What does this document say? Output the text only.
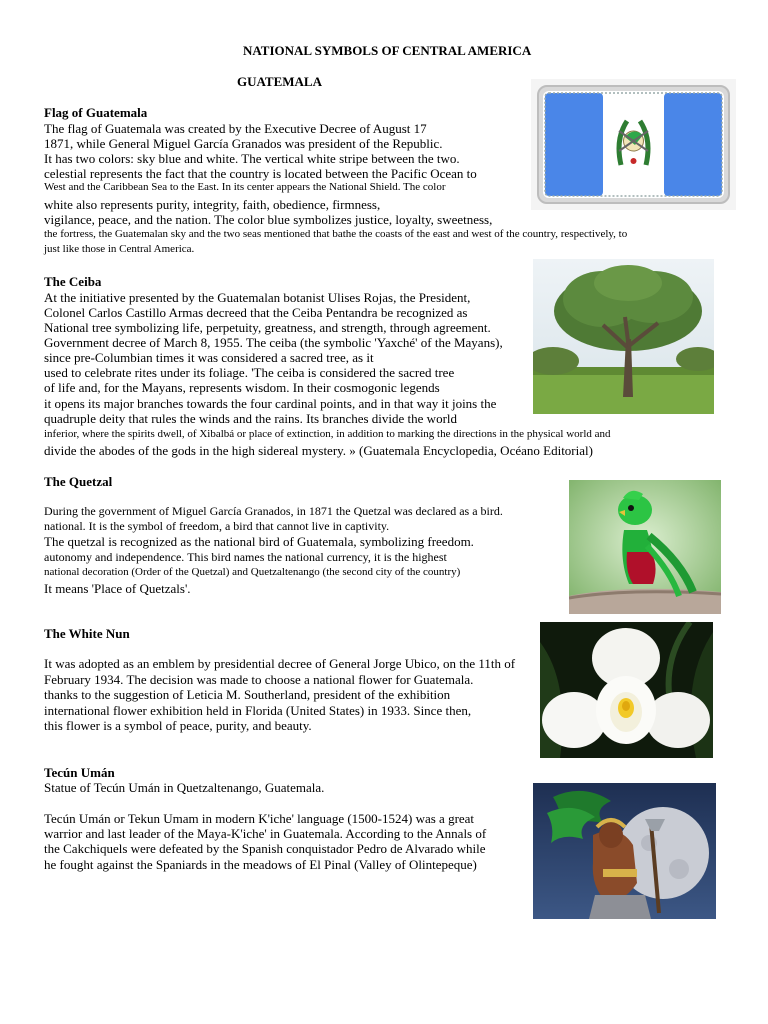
NATIONAL SYMBOLS OF CENTRAL AMERICA
GUATEMALA
Flag of Guatemala
The flag of Guatemala was created by the Executive Decree of August 17
1871, while General Miguel García Granados was president of the Republic.
It has two colors: sky blue and white. The vertical white stripe between the two.
celestial represents the fact that the country is located between the Pacific Ocean to
West and the Caribbean Sea to the East. In its center appears the National Shield. The color
white also represents purity, integrity, faith, obedience, firmness,
vigilance, peace, and the nation. The color blue symbolizes justice, loyalty, sweetness,
the fortress, the Guatemalan sky and the two seas mentioned that bathe the coasts of the east and west of the country, respectively, to
just like those in Central America.
The Ceiba
At the initiative presented by the Guatemalan botanist Ulises Rojas, the President,
Colonel Carlos Castillo Armas decreed that the Ceiba Pentandra be recognized as
National tree symbolizing life, perpetuity, greatness, and strength, through agreement.
Government decree of March 8, 1955. The ceiba (the symbolic 'Yaxché' of the Mayans),
since pre-Columbian times it was considered a sacred tree, as it
used to celebrate rites under its foliage. 'The ceiba is considered the sacred tree
of life and, for the Mayans, represents wisdom. In their cosmogonic legends
it opens its major branches towards the four cardinal points, and in that way it joins the
quadruple deity that rules the winds and the rains. Its branches divide the world
inferior, where the spirits dwell, of Xibalbá or place of extinction, in addition to marking the directions in the physical world and
divide the abodes of the gods in the high sidereal mystery. » (Guatemala Encyclopedia, Océano Editorial)
The Quetzal
During the government of Miguel García Granados, in 1871 the Quetzal was declared as a bird.
national. It is the symbol of freedom, a bird that cannot live in captivity.
The quetzal is recognized as the national bird of Guatemala, symbolizing freedom.
autonomy and independence. This bird names the national currency, it is the highest
national decoration (Order of the Quetzal) and Quetzaltenango (the second city of the country)
It means 'Place of Quetzals'.
The White Nun
It was adopted as an emblem by presidential decree of General Jorge Ubico, on the 11th of
February 1934. The decision was made to choose a national flower for Guatemala.
thanks to the suggestion of Leticia M. Southerland, president of the exhibition
international flower exhibition held in Florida (United States) in 1933. Since then,
this flower is a symbol of peace, purity, and beauty.
Tecún Umán
Statue of Tecún Umán in Quetzaltenango, Guatemala.
Tecún Umán or Tekun Umam in modern K'iche' language (1500-1524) was a great
warrior and last leader of the Maya-K'iche' in Guatemala. According to the Annals of
the Cakchiquels were defeated by the Spanish conquistador Pedro de Alvarado while
he fought against the Spaniards in the meadows of El Pinal (Valley of Olintepeque)
